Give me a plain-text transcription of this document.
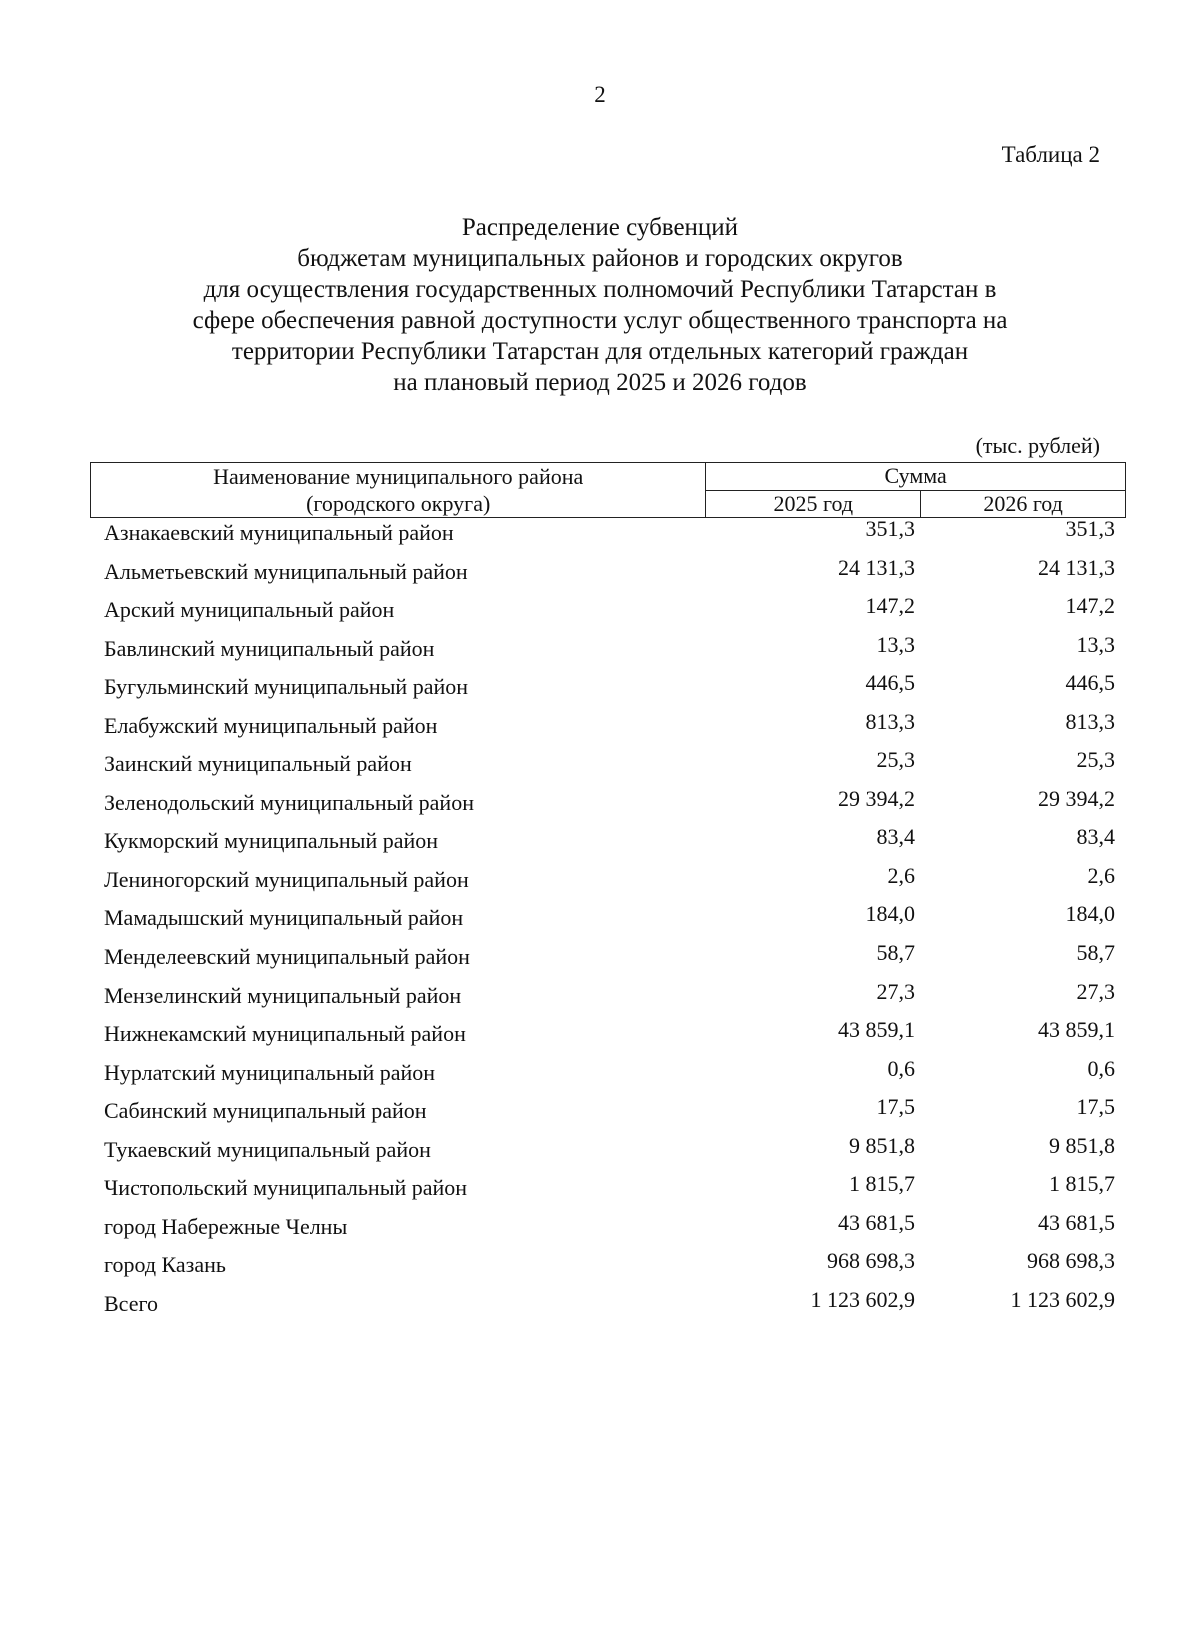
2
Таблица 2
Распределение субвенций
бюджетам муниципальных районов и городских округов
для осуществления государственных полномочий Республики Татарстан в
сфере обеспечения равной доступности услуг общественного транспорта на
территории Республики Татарстан для отдельных категорий граждан
на плановый период 2025 и 2026 годов
(тыс. рублей)
Наименование муниципального района
(городского округа)	Сумма	
	2025 год	2026 год
Азнакаевский муниципальный район	351,3	351,3
Альметьевский муниципальный район	24 131,3	24 131,3
Арский муниципальный район	147,2	147,2
Бавлинский муниципальный район	13,3	13,3
Бугульминский муниципальный район	446,5	446,5
Елабужский муниципальный район	813,3	813,3
Заинский муниципальный район	25,3	25,3
Зеленодольский муниципальный район	29 394,2	29 394,2
Кукморский муниципальный район	83,4	83,4
Лениногорский муниципальный район	2,6	2,6
Мамадышский муниципальный район	184,0	184,0
Менделеевский муниципальный район	58,7	58,7
Мензелинский муниципальный район	27,3	27,3
Нижнекамский муниципальный район	43 859,1	43 859,1
Нурлатский муниципальный район	0,6	0,6
Сабинский муниципальный район	17,5	17,5
Тукаевский муниципальный район	9 851,8	9 851,8
Чистопольский муниципальный район	1 815,7	1 815,7
город Набережные Челны	43 681,5	43 681,5
город Казань	968 698,3	968 698,3
Всего	1 123 602,9	1 123 602,9
